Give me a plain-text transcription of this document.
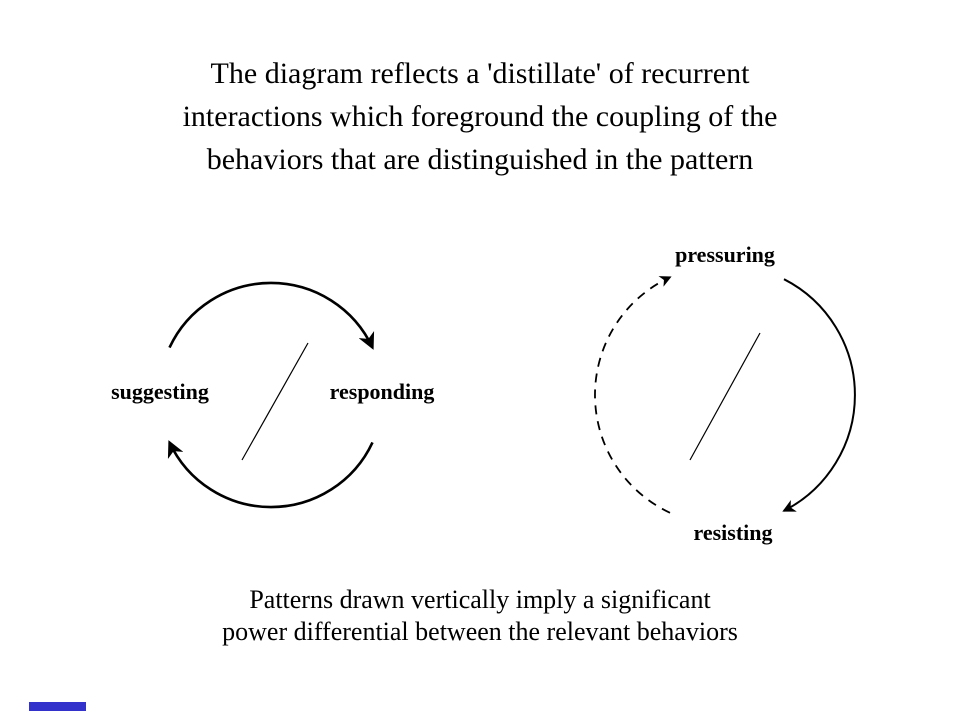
The diagram reflects a 'distillate' of recurrent
interactions which foreground the coupling of the
behaviors that are distinguished in the pattern
suggesting	responding
pressuring
resisting
Patterns drawn vertically imply a significant
power differential between the relevant behaviors
